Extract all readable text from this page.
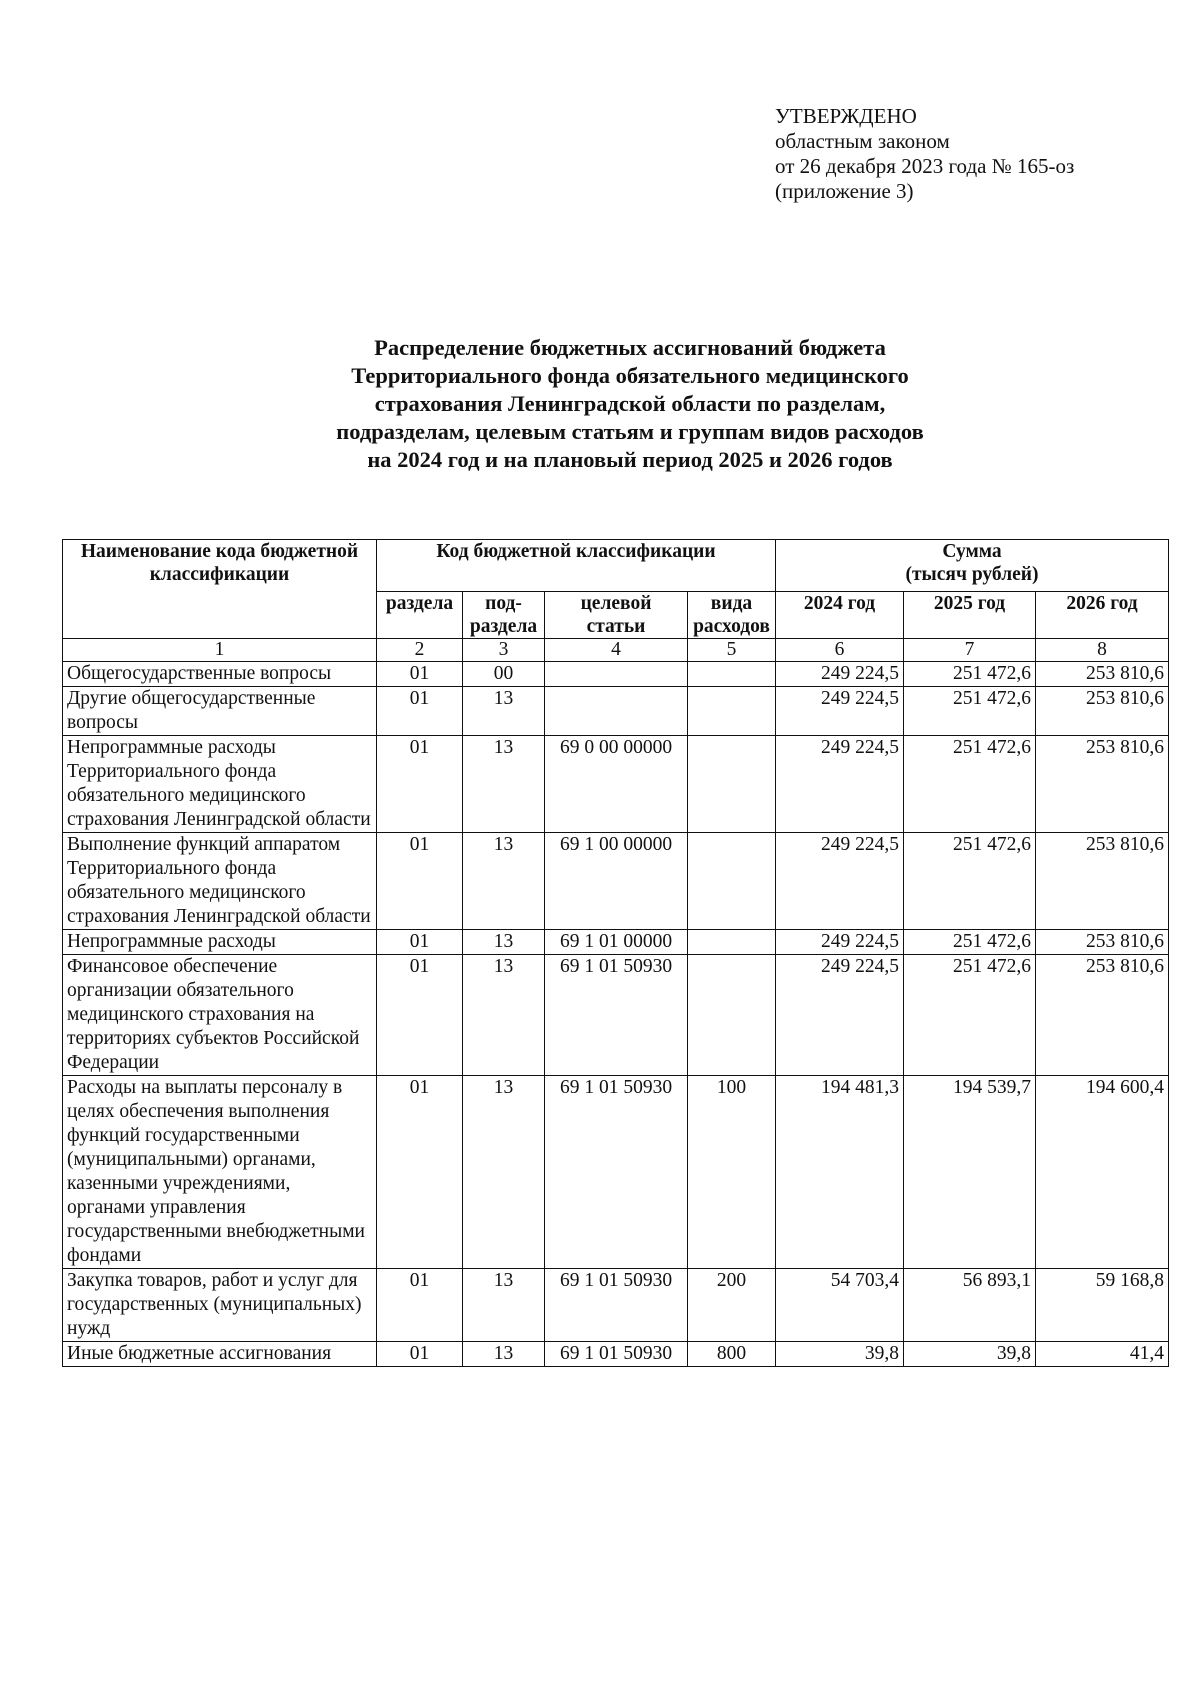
УТВЕРЖДЕНО
областным законом
от 26 декабря 2023 года № 165-оз
(приложение 3)
Распределение бюджетных ассигнований бюджета
Территориального фонда обязательного медицинского
страхования Ленинградской области по разделам,
подразделам, целевым статьям и группам видов расходов
на 2024 год и на плановый период 2025 и 2026 годов
Наименование кода бюджетной классификации	Код бюджетной классификации				Сумма
(тысяч рублей)		

	раздела	под-раздела	целевой статьи	вида расходов	2024 год	2025 год	2026 год
1	2	3	4	5	6	7	8
Общегосударственные вопросы	01	00			249 224,5	251 472,6	253 810,6
Другие общегосударственные вопросы	01	13			249 224,5	251 472,6	253 810,6
Непрограммные расходы Территориального фонда обязательного медицинского страхования Ленинградской области	01	13	69 0 00 00000		249 224,5	251 472,6	253 810,6
Выполнение функций аппаратом Территориального фонда обязательного медицинского страхования Ленинградской области	01	13	69 1 00 00000		249 224,5	251 472,6	253 810,6
Непрограммные расходы	01	13	69 1 01 00000		249 224,5	251 472,6	253 810,6
Финансовое обеспечение организации обязательного медицинского страхования на территориях субъектов Российской Федерации	01	13	69 1 01 50930		249 224,5	251 472,6	253 810,6
Расходы на выплаты персоналу в целях обеспечения выполнения функций государственными (муниципальными) органами, казенными учреждениями, органами управления государственными внебюджетными фондами	01	13	69 1 01 50930	100	194 481,3	194 539,7	194 600,4
Закупка товаров, работ и услуг для государственных (муниципальных) нужд	01	13	69 1 01 50930	200	54 703,4	56 893,1	59 168,8
Иные бюджетные ассигнования	01	13	69 1 01 50930	800	39,8	39,8	41,4
